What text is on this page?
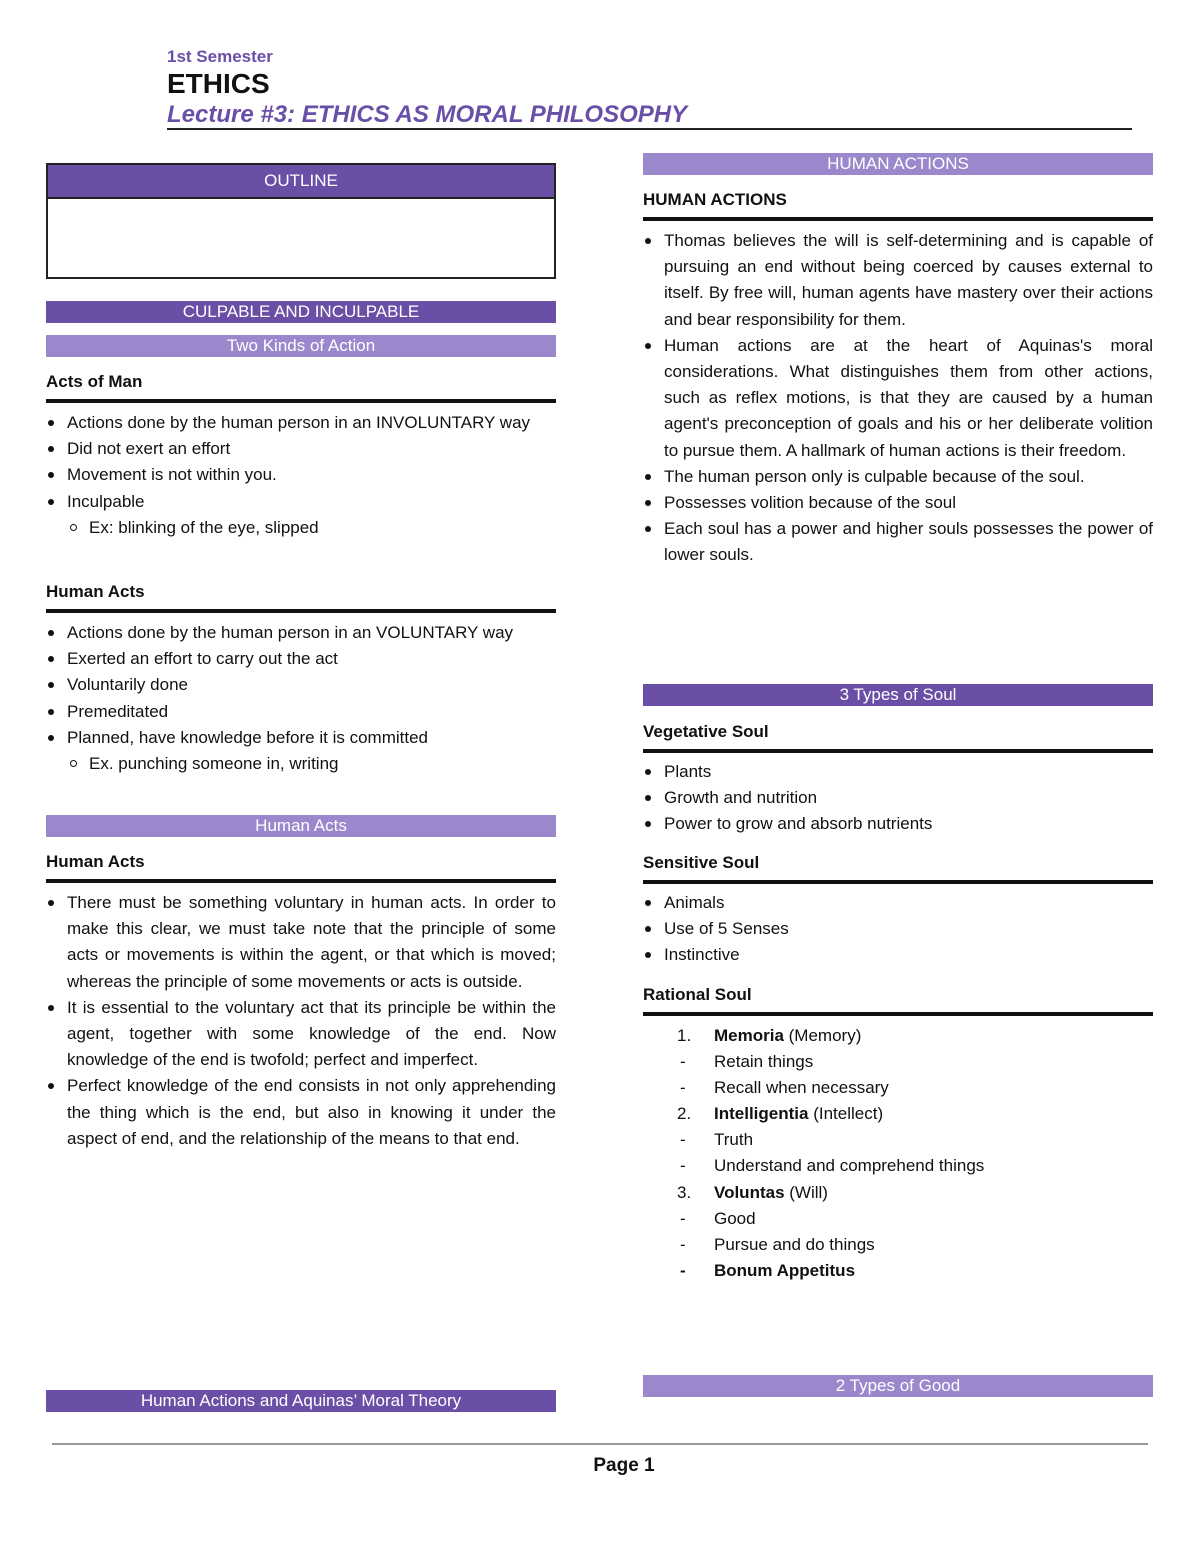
1st Semester
ETHICS
Lecture #3: ETHICS AS MORAL PHILOSOPHY
OUTLINE
CULPABLE AND INCULPABLE
Two Kinds of Action
Acts of Man
Actions done by the human person in an INVOLUNTARY way
Did not exert an effort
Movement is not within you.
Inculpable
Ex: blinking of the eye, slipped
Human Acts
Actions done by the human person in an VOLUNTARY way
Exerted an effort to carry out the act
Voluntarily done
Premeditated
Planned, have knowledge before it is committed
Ex. punching someone in, writing
Human Acts
Human Acts
There must be something voluntary in human acts. In order to make this clear, we must take note that the principle of some acts or movements is within the agent, or that which is moved; whereas the principle of some movements or acts is outside.
It is essential to the voluntary act that its principle be within the agent, together with some knowledge of the end. Now knowledge of the end is twofold; perfect and imperfect.
Perfect knowledge of the end consists in not only apprehending the thing which is the end, but also in knowing it under the aspect of end, and the relationship of the means to that end.
Human Actions and Aquinas’ Moral Theory
HUMAN ACTIONS
HUMAN ACTIONS
Thomas believes the will is self-determining and is capable of pursuing an end without being coerced by causes external to itself. By free will, human agents have mastery over their actions and bear responsibility for them.
Human actions are at the heart of Aquinas's moral considerations. What distinguishes them from other actions, such as reflex motions, is that they are caused by a human agent's preconception of goals and his or her deliberate volition to pursue them. A hallmark of human actions is their freedom.
The human person only is culpable because of the soul.
Possesses volition because of the soul
Each soul has a power and higher souls possesses the power of lower souls.
3 Types of Soul
Vegetative Soul
Plants
Growth and nutrition
Power to grow and absorb nutrients
Sensitive Soul
Animals
Use of 5 Senses
Instinctive
Rational Soul
1. Memoria (Memory)
- Retain things
- Recall when necessary
2. Intelligentia (Intellect)
- Truth
- Understand and comprehend things
3. Voluntas (Will)
- Good
- Pursue and do things
- Bonum Appetitus
2 Types of Good
Page 1
